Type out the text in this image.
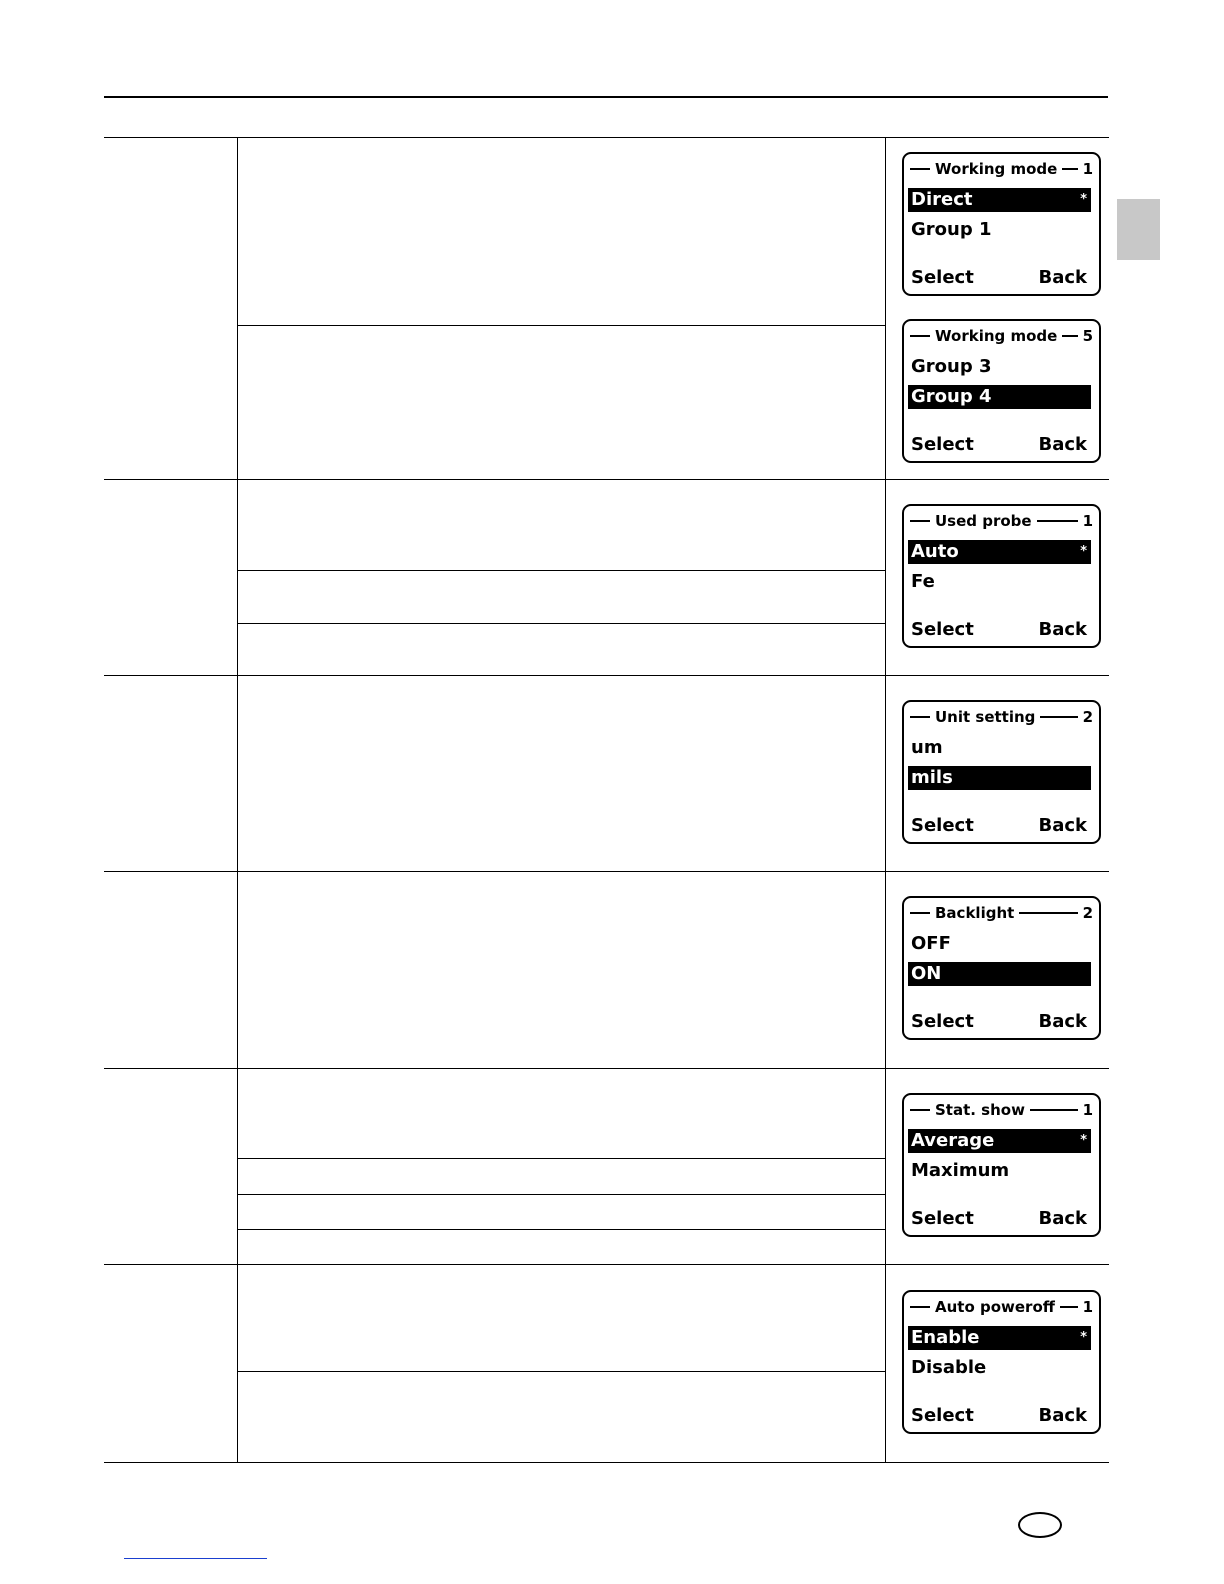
Working mode 1
Direct	*
Group 1
Select	Back
Working mode 5
Group 3
Group 4
Select	Back
Used probe	1
Auto	*
Fe
Select	Back
Unit setting	2
um
mils
Select	Back
Backlight	2
OFF
ON
Select	Back
Stat. show	1
Average	*
Maximum
Select	Back
Auto poweroff 1
Enable	*
Disable
Select	Back
